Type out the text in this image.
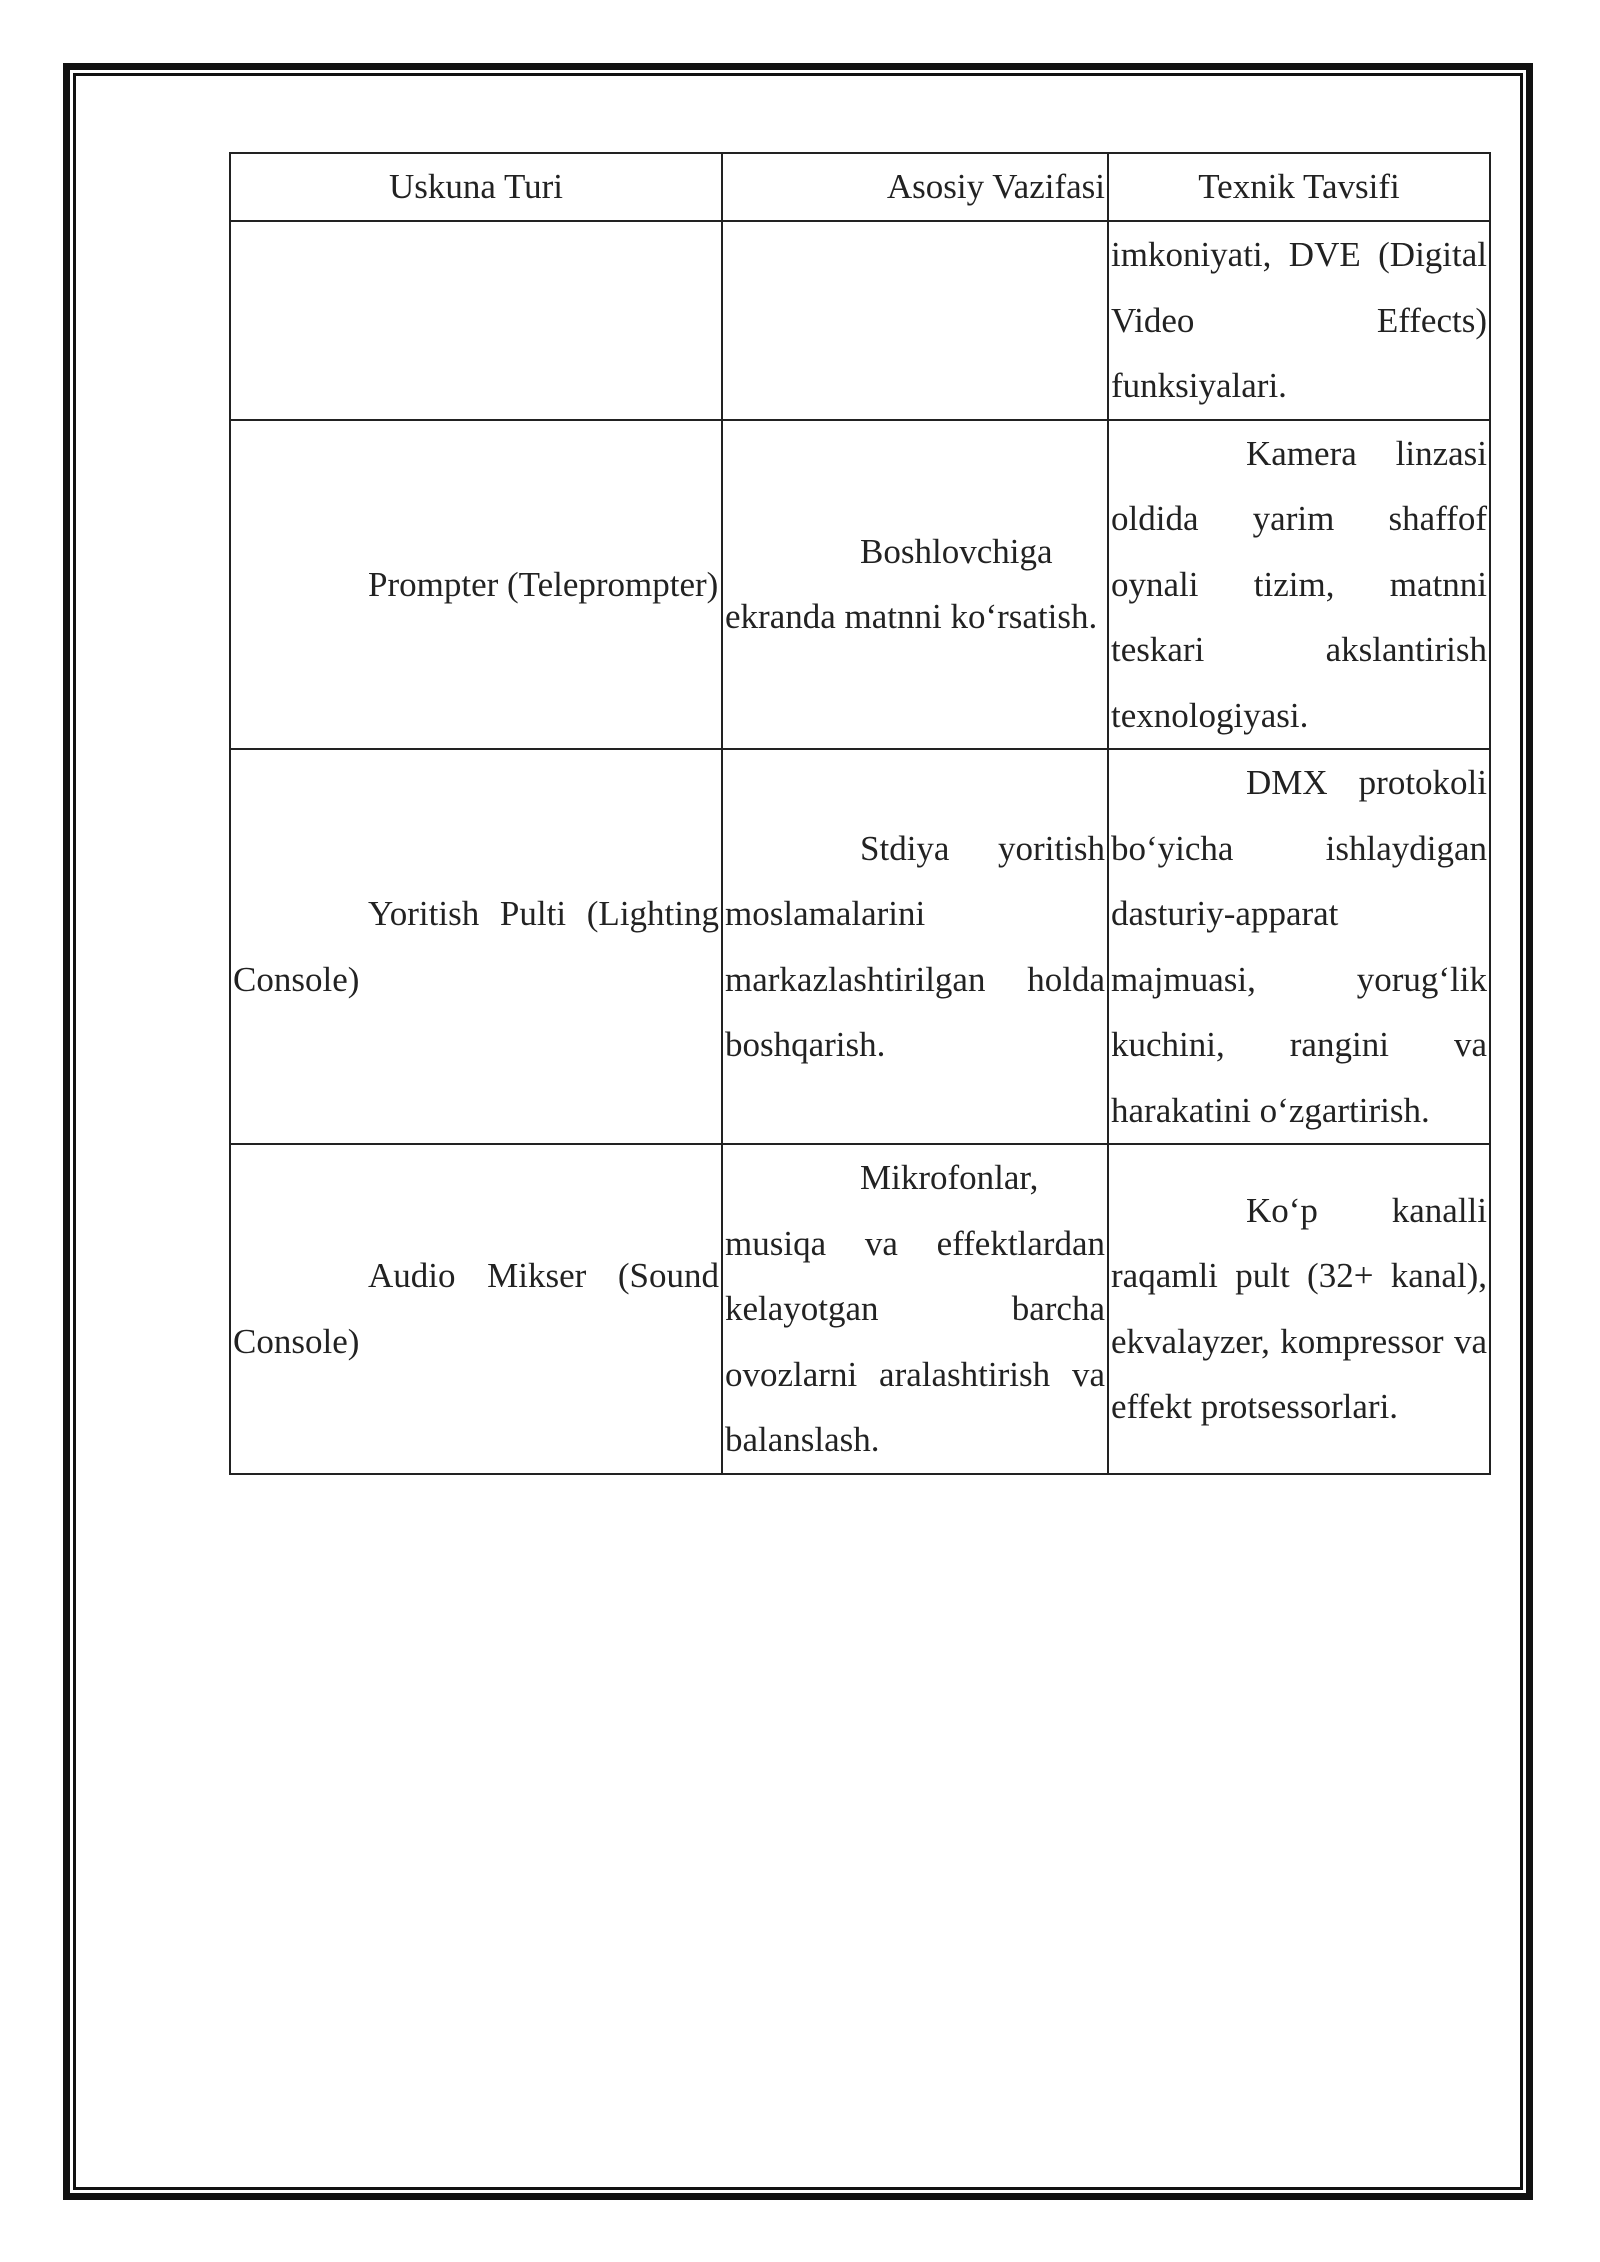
Uskuna Turi	Asosiy Vazifasi	Texnik Tavsifi
		imkoniyati, DVE (Digital Video Effects) funksiyalari.
Prompter (Teleprompter)	Boshlovchiga ekranda matnni ko‘rsatish.	Kamera linzasi oldida yarim shaffof oynali tizim, matnni teskari akslantirish texnologiyasi.
Yoritish Pulti (Lighting Console)	Stdiya yoritish moslamalarini markazlashtirilgan holda boshqarish.	DMX protokoli bo‘yicha ishlaydigan dasturiy-apparat majmuasi, yorug‘lik kuchini, rangini va harakatini o‘zgartirish.
Audio Mikser (Sound Console)	Mikrofonlar, musiqa va effektlardan kelayotgan barcha ovozlarni aralashtirish va balanslash.	Ko‘p kanalli raqamli pult (32+ kanal), ekvalayzer, kompressor va effekt protsessorlari.
